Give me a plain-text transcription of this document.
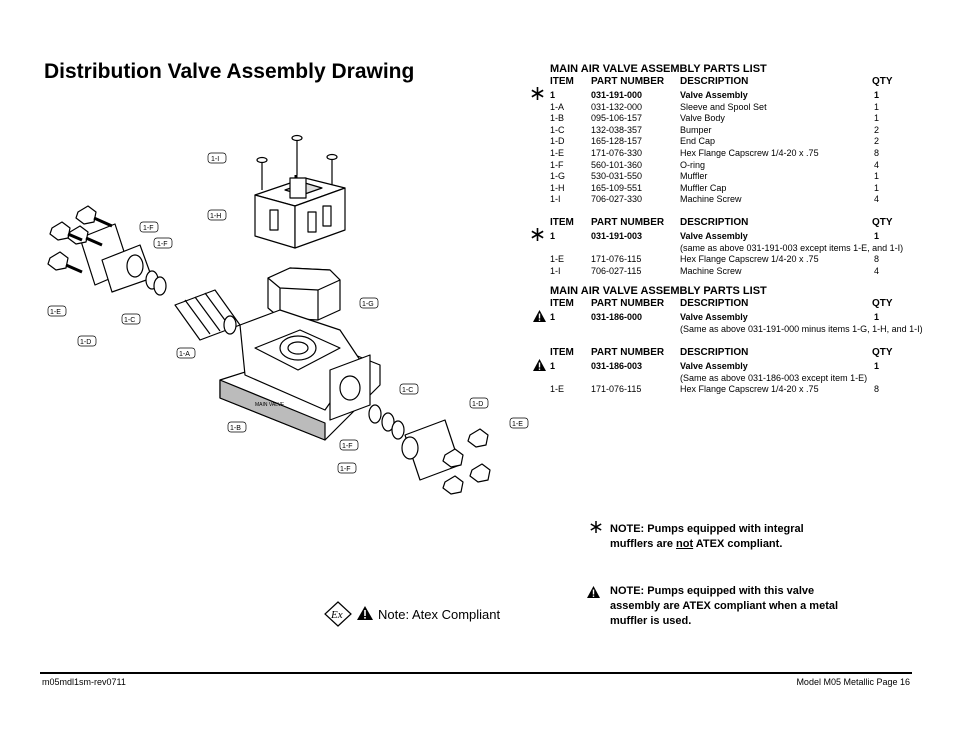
Distribution Valve Assembly Drawing
MAIN VALVE
1-I
1-H
1-F
1-F
1-G
1-E
1-C
1-D
1-A
1-B
1-C
1-D
1-E
1-F
1-F
MAIN AIR VALVE ASSEMBLY PARTS LIST
ITEM PART NUMBER DESCRIPTION	QTY
1	031-191-000	Valve Assembly	1
1-A	031-132-000	Sleeve and Spool Set	1
1-B	095-106-157	Valve Body	1
1-C	132-038-357	Bumper	2
1-D	165-128-157	End Cap	2
1-E	171-076-330	Hex Flange Capscrew 1/4-20 x .75	8
1-F	560-101-360	O-ring	4
1-G	530-031-550	Muffler	1
1-H	165-109-551	Muffler Cap	1
1-I	706-027-330	Machine Screw	4
ITEM PART NUMBER DESCRIPTION	QTY
1	031-191-003	Valve Assembly	1
(same as above 031-191-003 except items 1-E, and 1-I)
1-E	171-076-115	Hex Flange Capscrew 1/4-20 x .75	8
1-I	706-027-115	Machine Screw	4
MAIN AIR VALVE ASSEMBLY PARTS LIST
ITEM PART NUMBER DESCRIPTION	QTY
1	031-186-000	Valve Assembly	1
(Same as above 031-191-000 minus items 1-G, 1-H, and 1-I)
ITEM PART NUMBER DESCRIPTION	QTY
1	031-186-003	Valve Assembly	1
(Same as above 031-186-003 except item 1-E)
1-E	171-076-115	Hex Flange Capscrew 1/4-20 x .75	8
NOTE: Pumps equipped with integral
mufflers are not ATEX compliant.
NOTE: Pumps equipped with this valve
assembly are ATEX compliant when a metal
muffler is used.
Ex	Note: Atex Compliant
m05mdl1sm-rev0711	Model M05 Metallic Page 16
